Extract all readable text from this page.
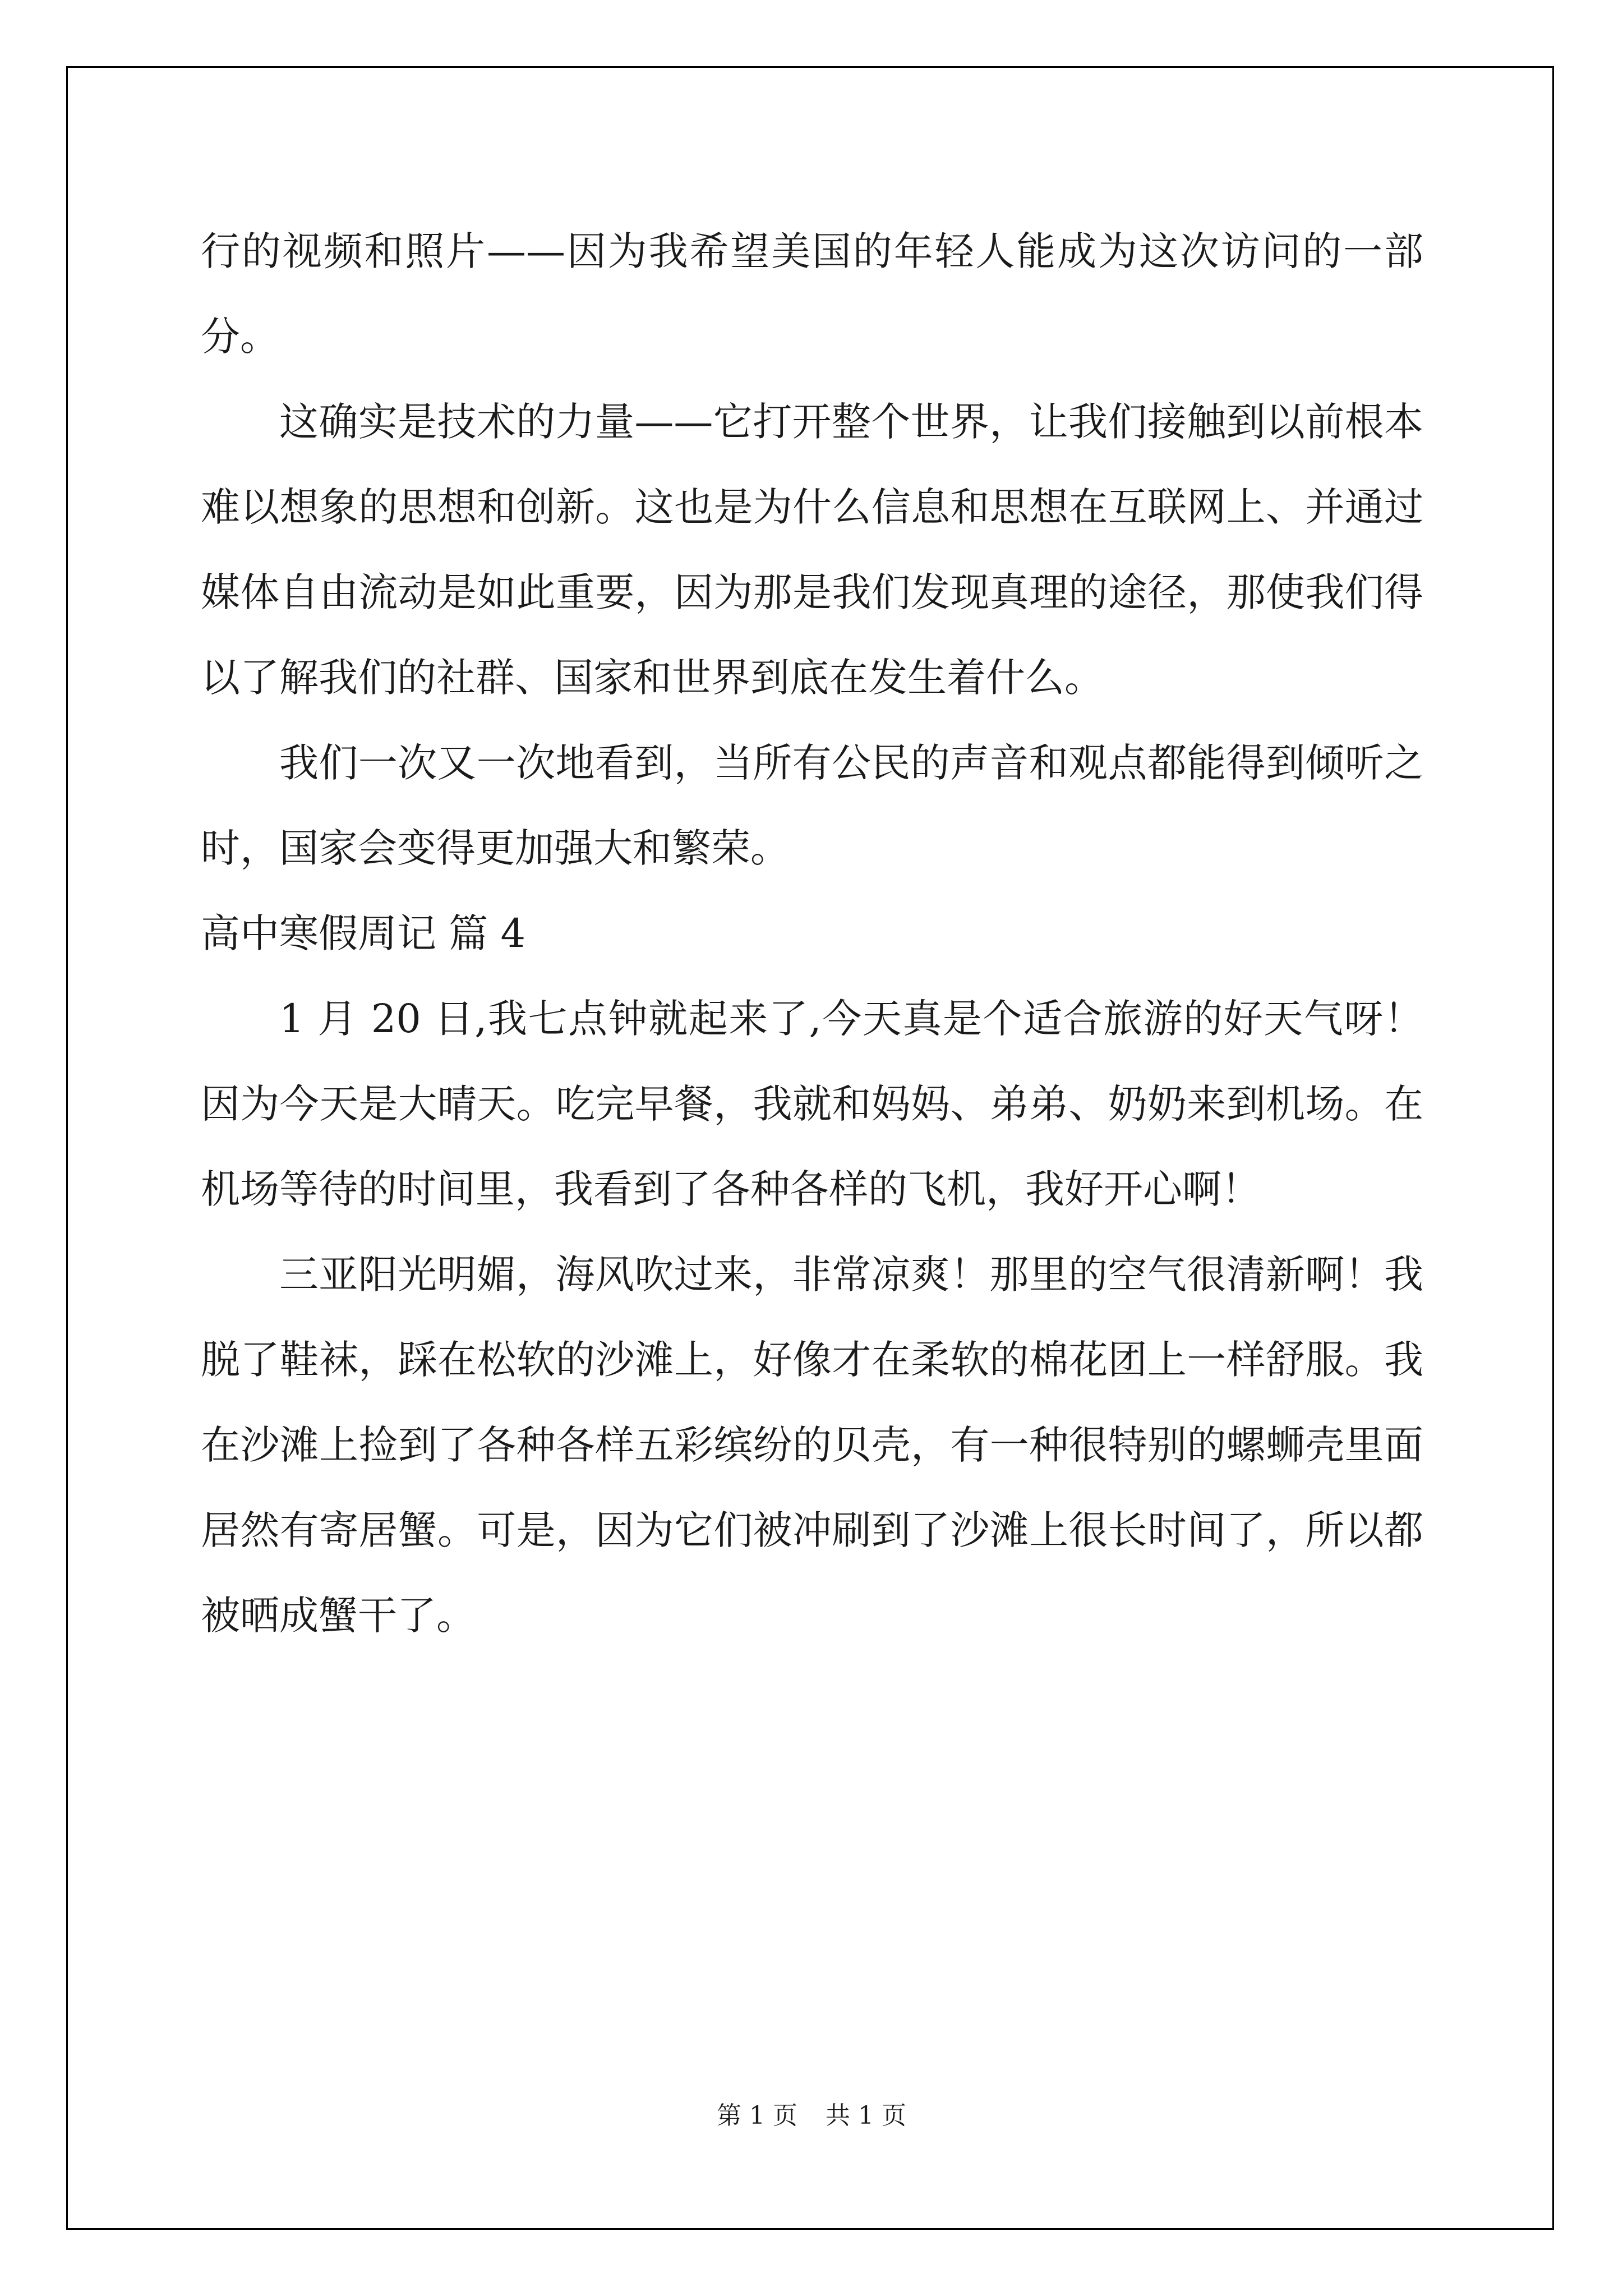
行的视频和照片——因为我希望美国的年轻人能成为这次访问的一部分。

这确实是技术的力量——它打开整个世界，让我们接触到以前根本难以想象的思想和创新。这也是为什么信息和思想在互联网上、并通过媒体自由流动是如此重要，因为那是我们发现真理的途径，那使我们得以了解我们的社群、国家和世界到底在发生着什么。

我们一次又一次地看到，当所有公民的声音和观点都能得到倾听之时，国家会变得更加强大和繁荣。

高中寒假周记 篇 4

1 月 20 日,我七点钟就起来了,今天真是个适合旅游的好天气呀！因为今天是大晴天。吃完早餐，我就和妈妈、弟弟、奶奶来到机场。在机场等待的时间里，我看到了各种各样的飞机，我好开心啊！

三亚阳光明媚，海风吹过来，非常凉爽！那里的空气很清新啊！我脱了鞋袜，踩在松软的沙滩上，好像才在柔软的棉花团上一样舒服。我在沙滩上捡到了各种各样五彩缤纷的贝壳，有一种很特别的螺蛳壳里面居然有寄居蟹。可是，因为它们被冲刷到了沙滩上很长时间了，所以都被晒成蟹干了。

第 1 页 共 1 页
